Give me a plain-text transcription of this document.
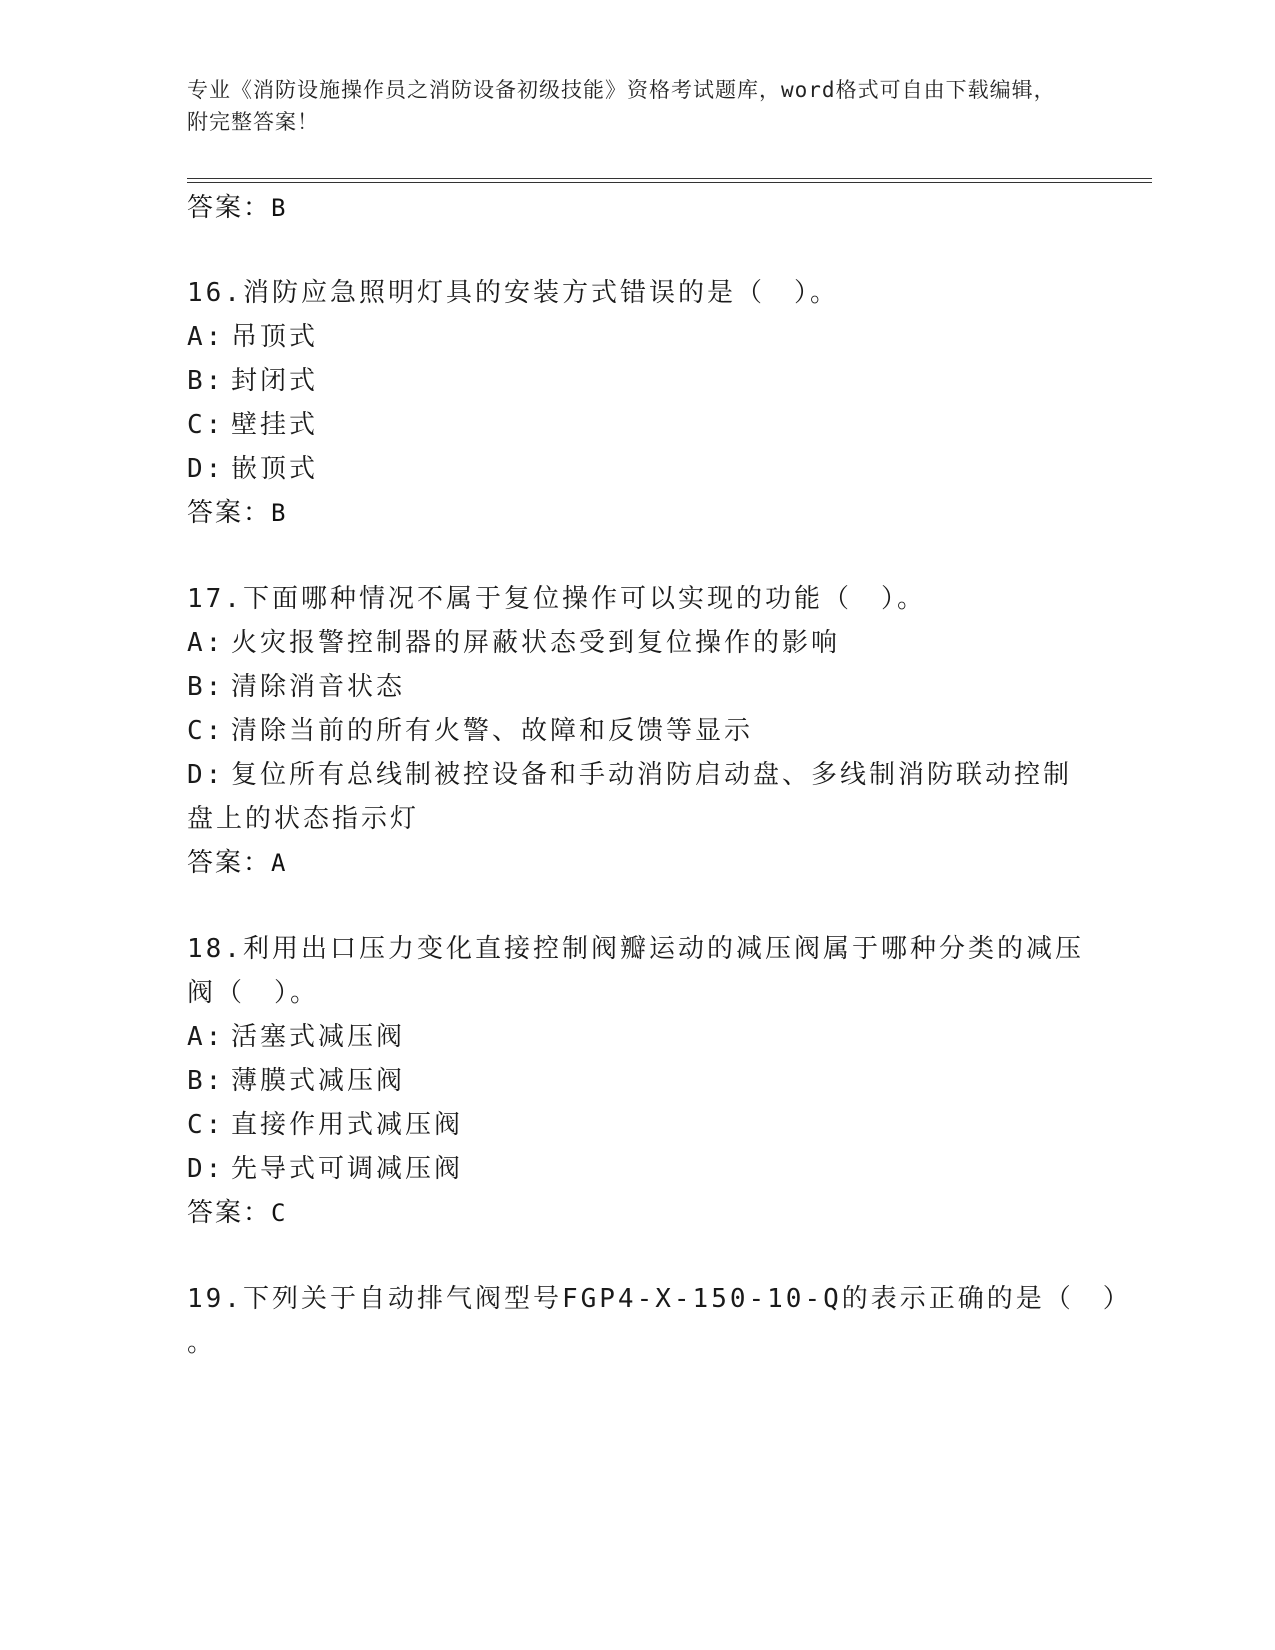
专业《消防设施操作员之消防设备初级技能》资格考试题库，word格式可自由下载编辑，附完整答案！
答案：B
16.消防应急照明灯具的安装方式错误的是（　）。
A: 吊顶式
B: 封闭式
C: 壁挂式
D: 嵌顶式
答案：B
17.下面哪种情况不属于复位操作可以实现的功能（　）。
A: 火灾报警控制器的屏蔽状态受到复位操作的影响
B: 清除消音状态
C: 清除当前的所有火警、故障和反馈等显示
D: 复位所有总线制被控设备和手动消防启动盘、多线制消防联动控制
盘上的状态指示灯
答案：A
18.利用出口压力变化直接控制阀瓣运动的减压阀属于哪种分类的减压
阀（　）。
A: 活塞式减压阀
B: 薄膜式减压阀
C: 直接作用式减压阀
D: 先导式可调减压阀
答案：C
19.下列关于自动排气阀型号FGP4-X-150-10-Q的表示正确的是（　）
。
